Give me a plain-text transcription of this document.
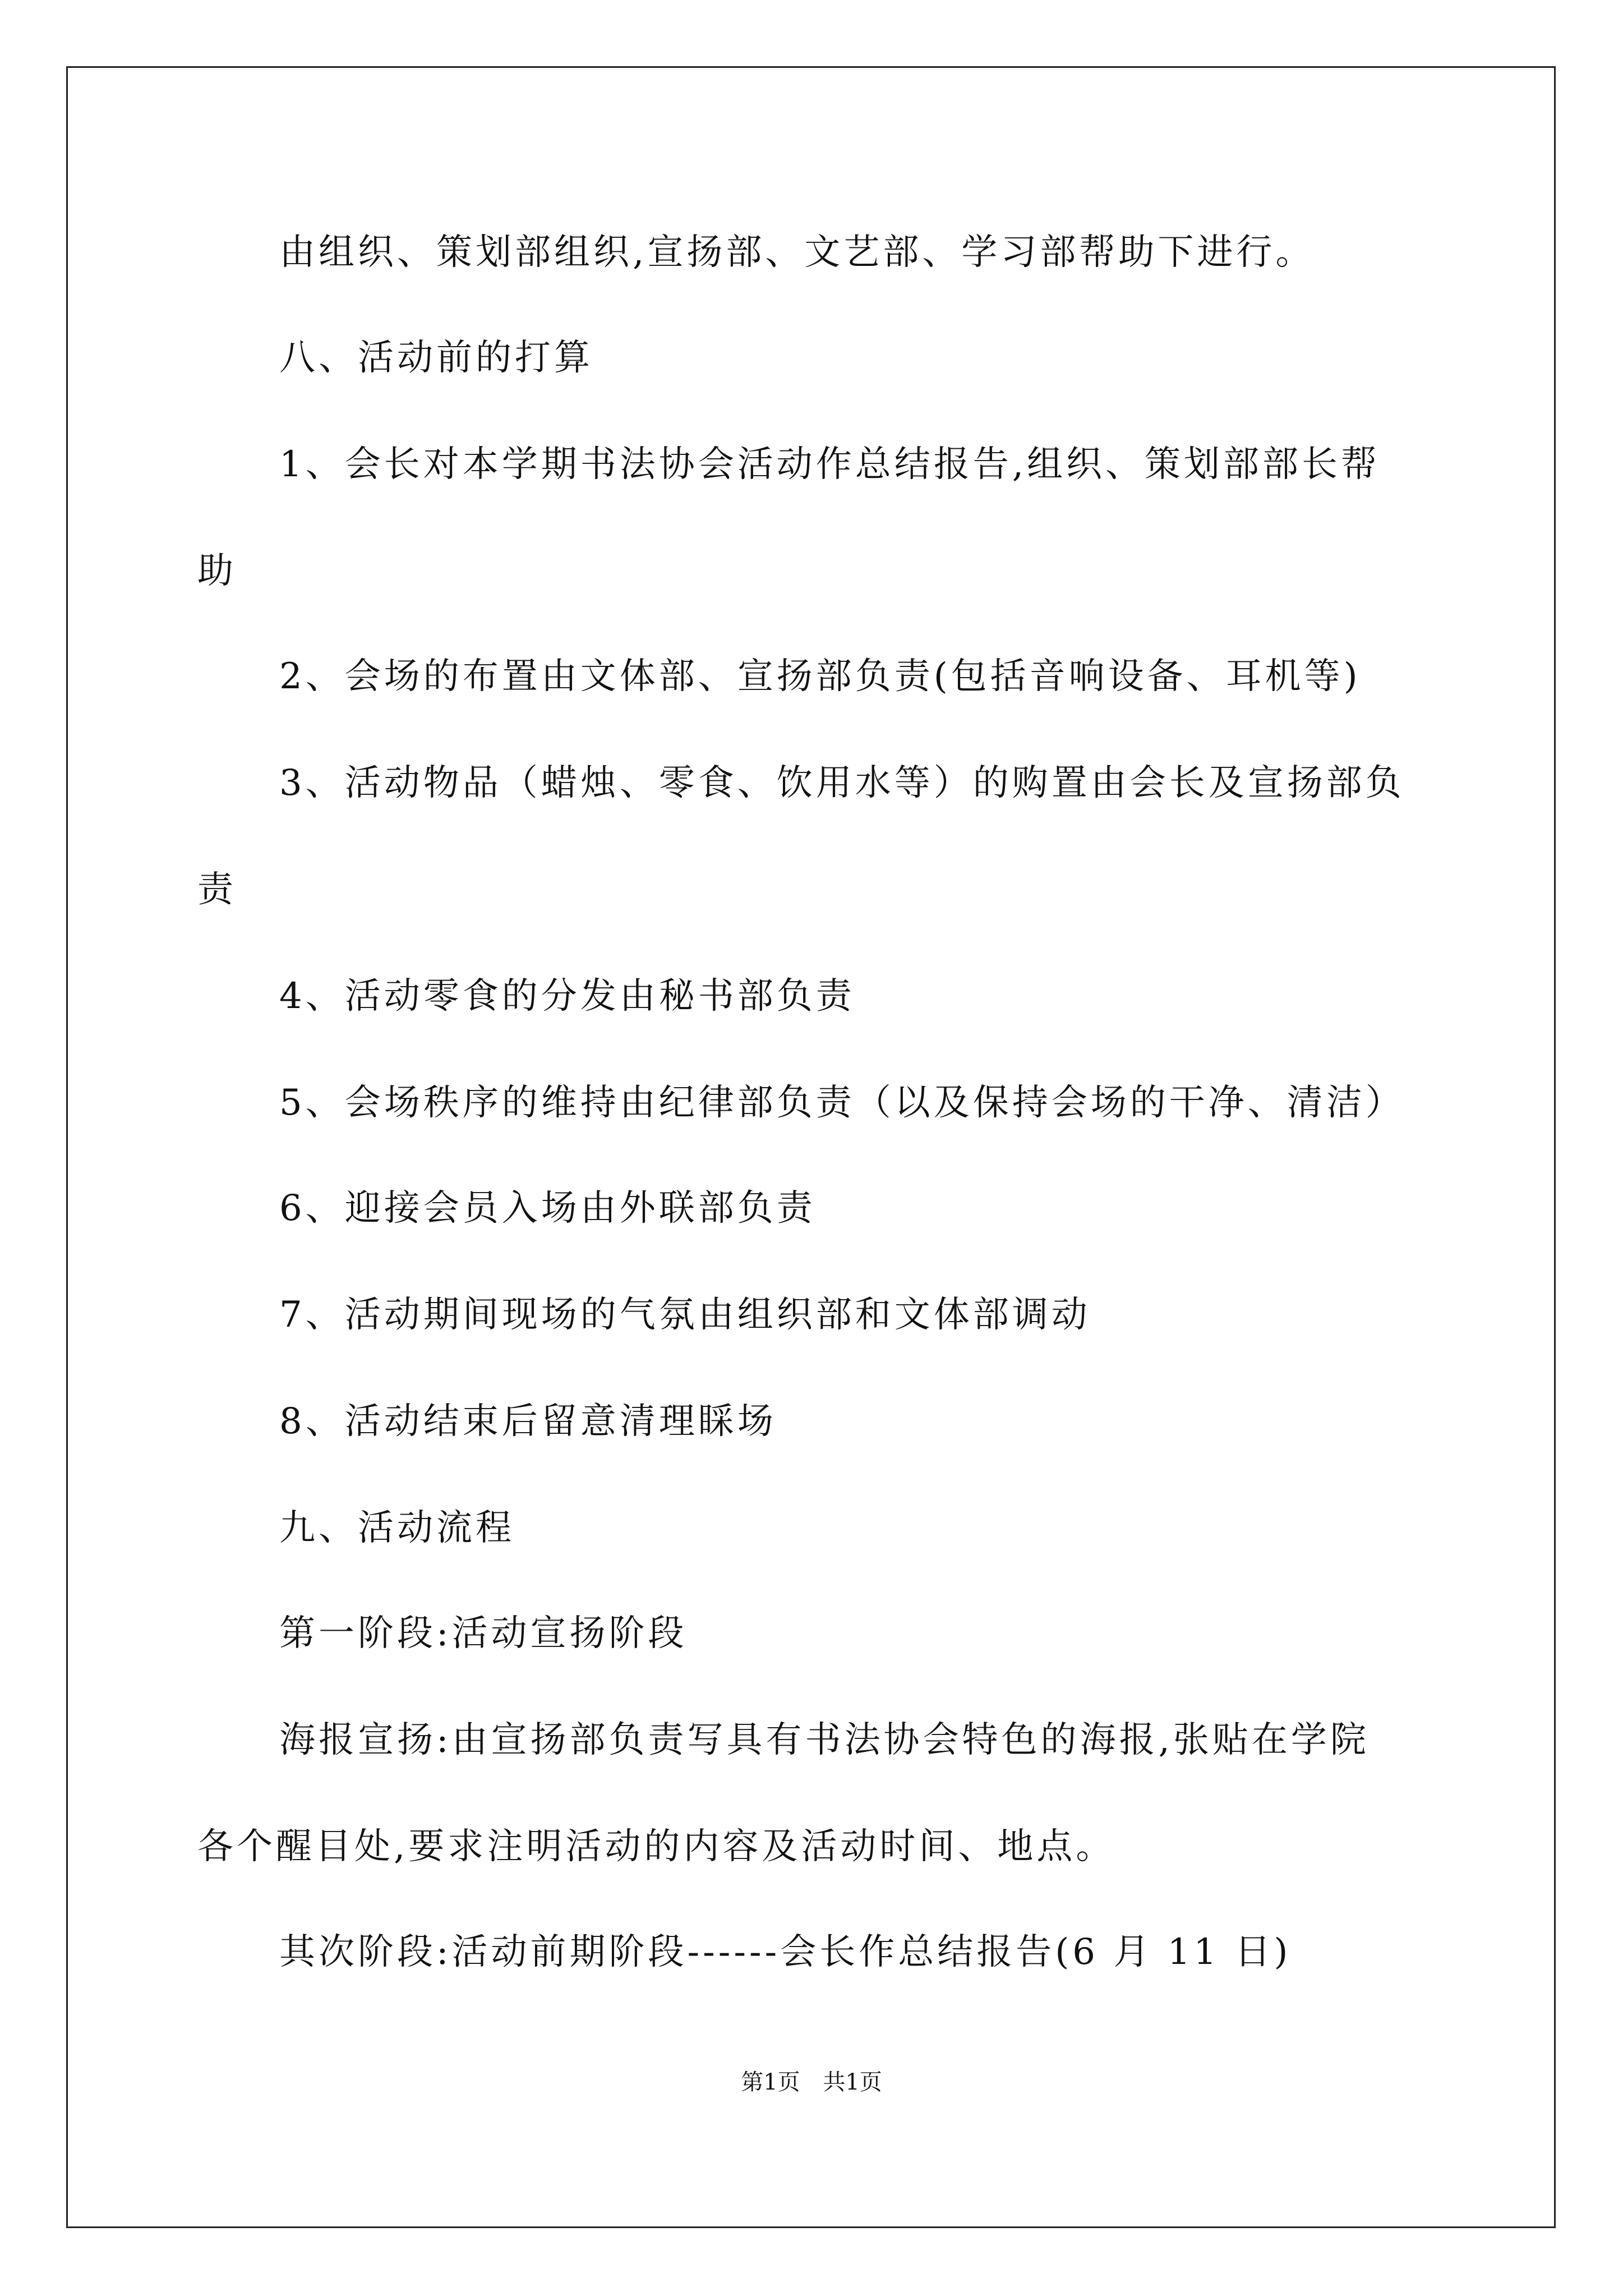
由组织、策划部组织,宣扬部、文艺部、学习部帮助下进行。
八、活动前的打算
1、会长对本学期书法协会活动作总结报告,组织、策划部部长帮
助
2、会场的布置由文体部、宣扬部负责(包括音响设备、耳机等)
3、活动物品（蜡烛、零食、饮用水等）的购置由会长及宣扬部负
责
4、活动零食的分发由秘书部负责
5、会场秩序的维持由纪律部负责（以及保持会场的干净、清洁）
6、迎接会员入场由外联部负责
7、活动期间现场的气氛由组织部和文体部调动
8、活动结束后留意清理睬场
九、活动流程
第一阶段:活动宣扬阶段
海报宣扬:由宣扬部负责写具有书法协会特色的海报,张贴在学院
各个醒目处,要求注明活动的内容及活动时间、地点。
其次阶段:活动前期阶段------会长作总结报告(6 月 11 日)
第1页 共1页
